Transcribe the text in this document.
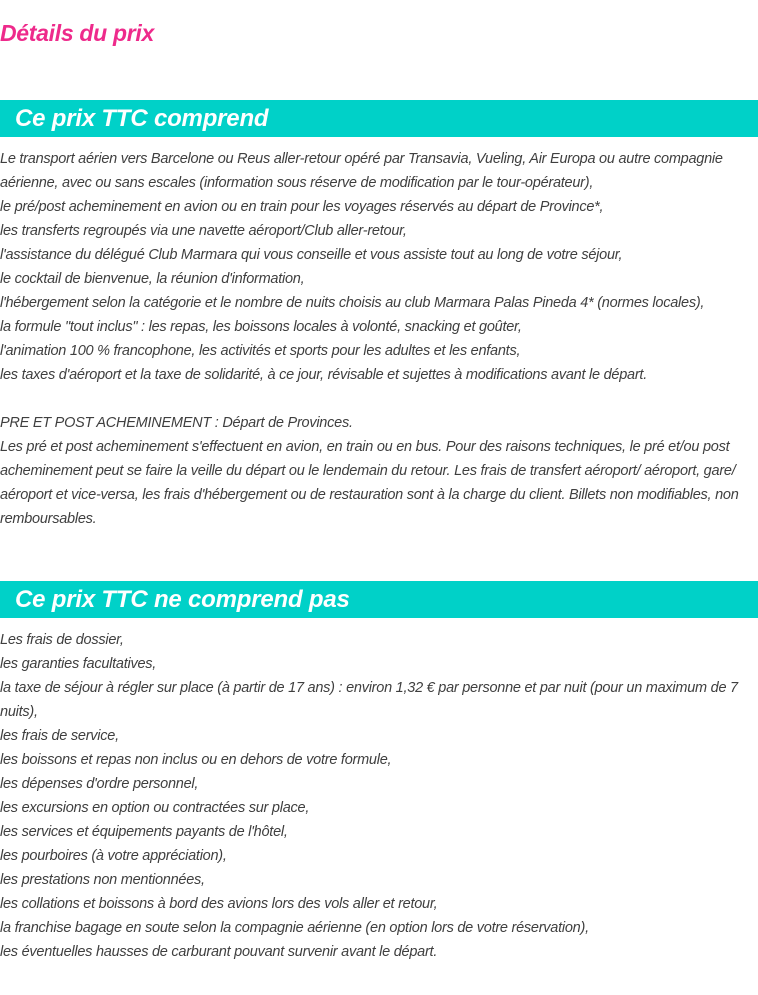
Détails du prix
Ce prix TTC comprend
Le transport aérien vers Barcelone ou Reus aller-retour opéré par Transavia, Vueling, Air Europa ou autre compagnie aérienne, avec ou sans escales (information sous réserve de modification par le tour-opérateur),
le pré/post acheminement en avion ou en train pour les voyages réservés au départ de Province*,
les transferts regroupés via une navette aéroport/Club aller-retour,
l'assistance du délégué Club Marmara qui vous conseille et vous assiste tout au long de votre séjour,
le cocktail de bienvenue, la réunion d'information,
l'hébergement selon la catégorie et le nombre de nuits choisis au club Marmara Palas Pineda 4* (normes locales),
la formule "tout inclus" : les repas, les boissons locales à volonté, snacking et goûter,
l'animation 100 % francophone, les activités et sports pour les adultes et les enfants,
les taxes d'aéroport et la taxe de solidarité, à ce jour, révisable et sujettes à modifications avant le départ.
PRE ET POST ACHEMINEMENT : Départ de Provinces.
Les pré et post acheminement s'effectuent en avion, en train ou en bus. Pour des raisons techniques, le pré et/ou post acheminement peut se faire la veille du départ ou le lendemain du retour. Les frais de transfert aéroport/ aéroport, gare/ aéroport et vice-versa, les frais d'hébergement ou de restauration sont à la charge du client. Billets non modifiables, non remboursables.
Ce prix TTC ne comprend pas
Les frais de dossier,
les garanties facultatives,
la taxe de séjour à régler sur place (à partir de 17 ans) : environ 1,32 € par personne et par nuit (pour un maximum de 7 nuits),
les frais de service,
les boissons et repas non inclus ou en dehors de votre formule,
les dépenses d'ordre personnel,
les excursions en option ou contractées sur place,
les services et équipements payants de l'hôtel,
les pourboires (à votre appréciation),
les prestations non mentionnées,
les collations et boissons à bord des avions lors des vols aller et retour,
la franchise bagage en soute selon la compagnie aérienne (en option lors de votre réservation),
les éventuelles hausses de carburant pouvant survenir avant le départ.
